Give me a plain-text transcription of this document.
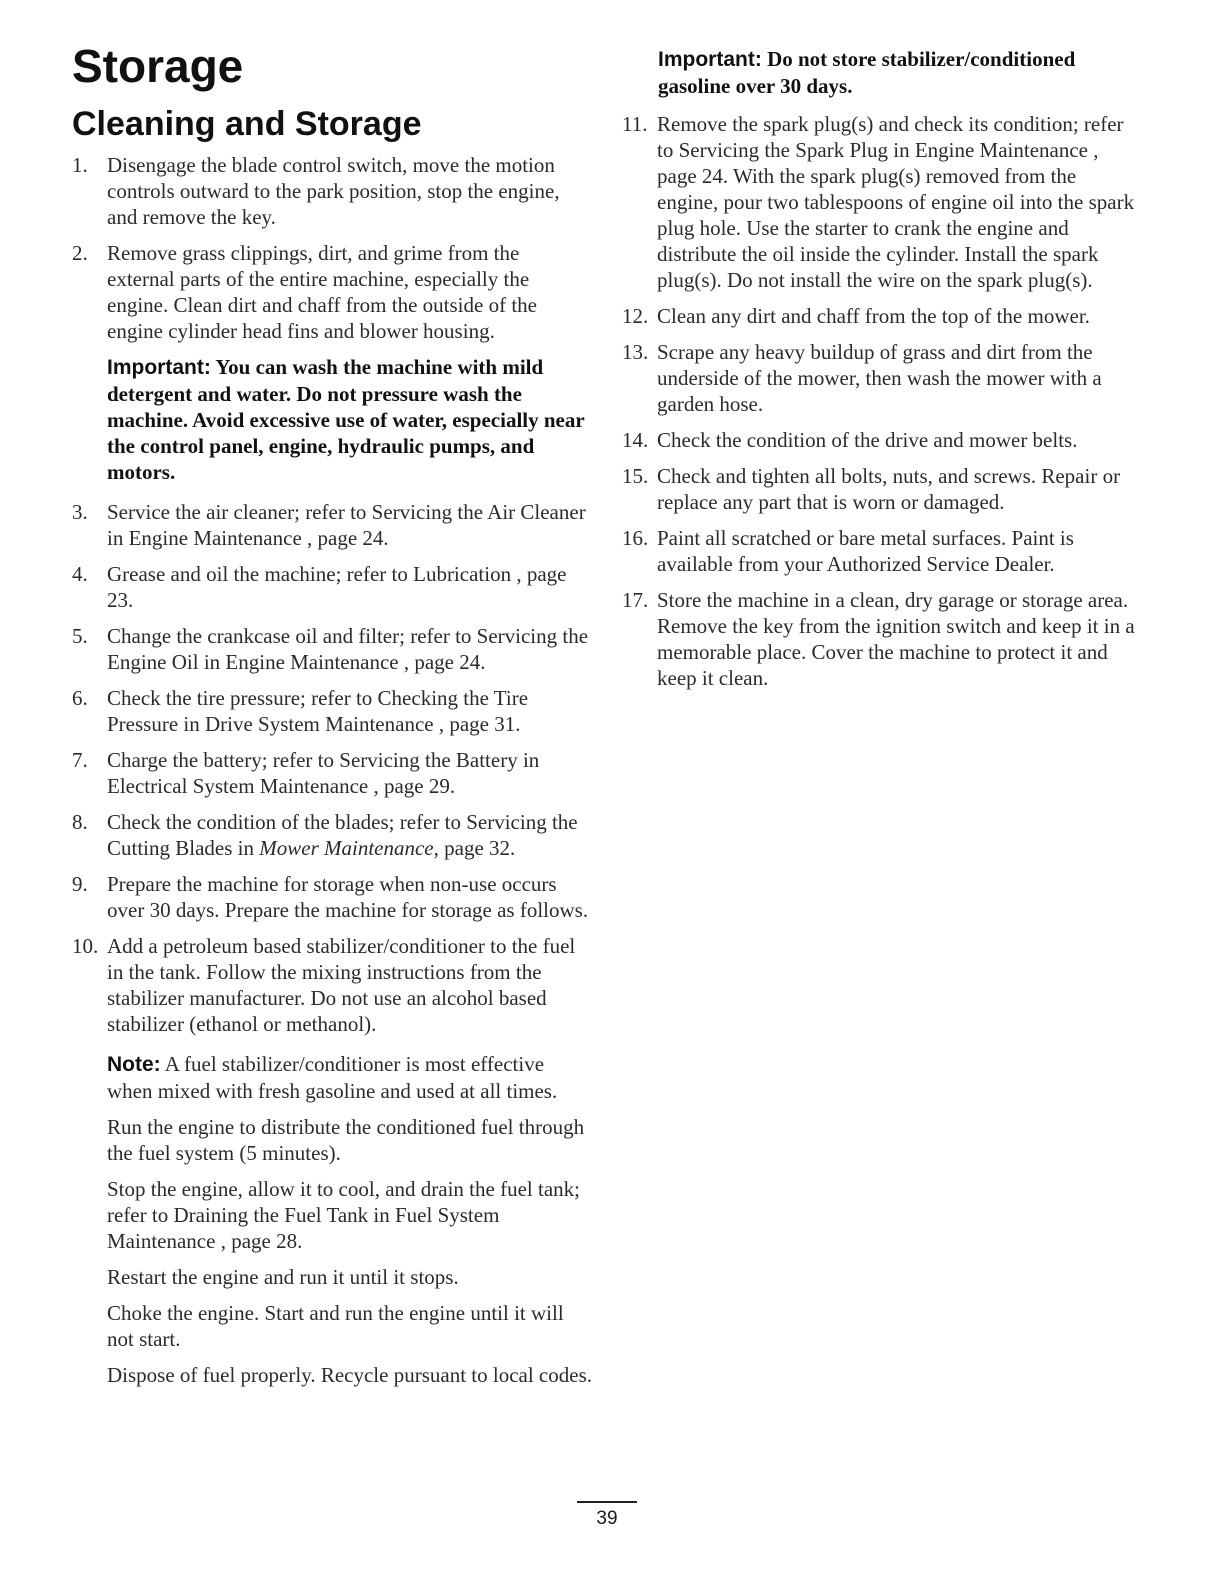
Storage
Cleaning and Storage
1. Disengage the blade control switch, move the motion controls outward to the park position, stop the engine, and remove the key.
2. Remove grass clippings, dirt, and grime from the external parts of the entire machine, especially the engine. Clean dirt and chaff from the outside of the engine cylinder head fins and blower housing.
Important: You can wash the machine with mild detergent and water. Do not pressure wash the machine. Avoid excessive use of water, especially near the control panel, engine, hydraulic pumps, and motors.
3. Service the air cleaner; refer to Servicing the Air Cleaner in Engine Maintenance , page 24.
4. Grease and oil the machine; refer to Lubrication , page 23.
5. Change the crankcase oil and filter; refer to Servicing the Engine Oil in Engine Maintenance , page 24.
6. Check the tire pressure; refer to Checking the Tire Pressure in Drive System Maintenance , page 31.
7. Charge the battery; refer to Servicing the Battery in Electrical System Maintenance , page 29.
8. Check the condition of the blades; refer to Servicing the Cutting Blades in Mower Maintenance, page 32.
9. Prepare the machine for storage when non-use occurs over 30 days. Prepare the machine for storage as follows.
10. Add a petroleum based stabilizer/conditioner to the fuel in the tank. Follow the mixing instructions from the stabilizer manufacturer. Do not use an alcohol based stabilizer (ethanol or methanol).
Note: A fuel stabilizer/conditioner is most effective when mixed with fresh gasoline and used at all times.
Run the engine to distribute the conditioned fuel through the fuel system (5 minutes).
Stop the engine, allow it to cool, and drain the fuel tank; refer to Draining the Fuel Tank in Fuel System Maintenance , page 28.
Restart the engine and run it until it stops.
Choke the engine. Start and run the engine until it will not start.
Dispose of fuel properly. Recycle pursuant to local codes.
Important: Do not store stabilizer/conditioned gasoline over 30 days.
11. Remove the spark plug(s) and check its condition; refer to Servicing the Spark Plug in Engine Maintenance , page 24. With the spark plug(s) removed from the engine, pour two tablespoons of engine oil into the spark plug hole. Use the starter to crank the engine and distribute the oil inside the cylinder. Install the spark plug(s). Do not install the wire on the spark plug(s).
12. Clean any dirt and chaff from the top of the mower.
13. Scrape any heavy buildup of grass and dirt from the underside of the mower, then wash the mower with a garden hose.
14. Check the condition of the drive and mower belts.
15. Check and tighten all bolts, nuts, and screws. Repair or replace any part that is worn or damaged.
16. Paint all scratched or bare metal surfaces. Paint is available from your Authorized Service Dealer.
17. Store the machine in a clean, dry garage or storage area. Remove the key from the ignition switch and keep it in a memorable place. Cover the machine to protect it and keep it clean.
39
